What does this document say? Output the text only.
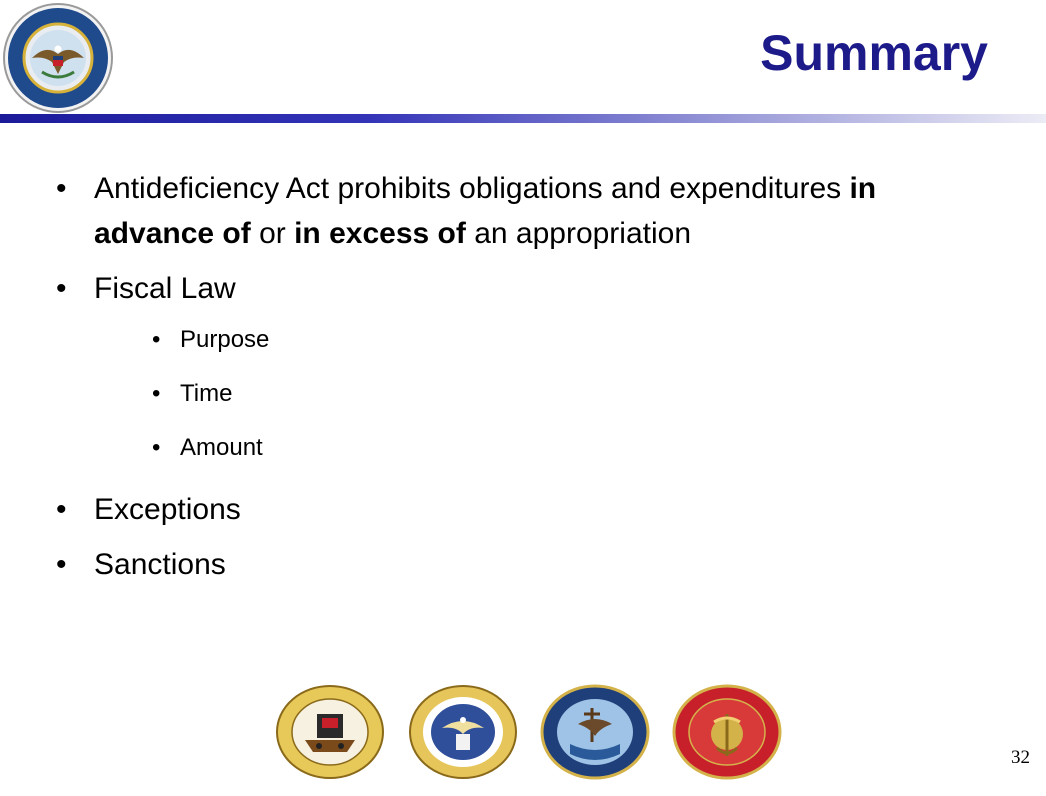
Summary
• Antideficiency Act prohibits obligations and expenditures in advance of or in excess of an appropriation
• Fiscal Law
• Purpose
• Time
• Amount
• Exceptions
• Sanctions
32
